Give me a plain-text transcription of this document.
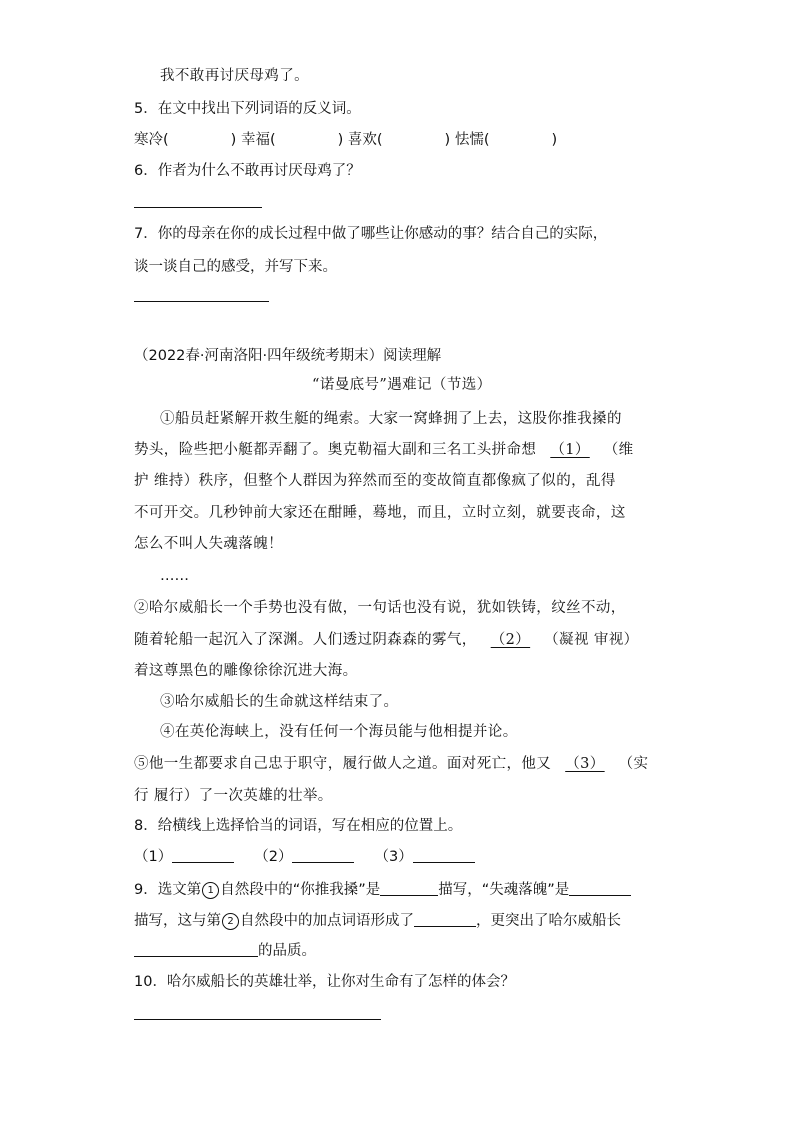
我不敢再讨厌母鸡了。
5．在文中找出下列词语的反义词。
寒冷(	) 幸福(	) 喜欢(	) 怯懦(	)
6．作者为什么不敢再讨厌母鸡了？
7．你的母亲在你的成长过程中做了哪些让你感动的事？结合自己的实际，
谈一谈自己的感受，并写下来。
（2022春·河南洛阳·四年级统考期末）阅读理解
“诺曼底号”遇难记（节选）
①船员赶紧解开救生艇的绳索。大家一窝蜂拥了上去，这股你推我搡的
势头，险些把小艇都弄翻了。奥克勒福大副和三名工头拼命想 （1） （维
护 维持）秩序，但整个人群因为猝然而至的变故简直都像疯了似的，乱得
不可开交。几秒钟前大家还在酣睡，蓦地，而且，立时立刻，就要丧命，这
怎么不叫人失魂落魄！
……
②哈尔威船长一个手势也没有做，一句话也没有说，犹如铁铸，纹丝不动，
随着轮船一起沉入了深渊。人们透过阴森森的雾气， （2） （凝视 审视）
着这尊黑色的雕像徐徐沉进大海。
③哈尔威船长的生命就这样结束了。
④在英伦海峡上，没有任何一个海员能与他相提并论。
⑤他一生都要求自己忠于职守，履行做人之道。面对死亡，他又 （3） （实
行 履行）了一次英雄的壮举。
8．给横线上选择恰当的词语，写在相应的位置上。
（1）	（2）	（3）
9．选文第 1 自然段中的“你推我搡”是	描写，“失魂落魄”是
描写，这与第 2 自然段中的加点词语形成了	，更突出了哈尔威船长
的品质。
10．哈尔威船长的英雄壮举，让你对生命有了怎样的体会？
